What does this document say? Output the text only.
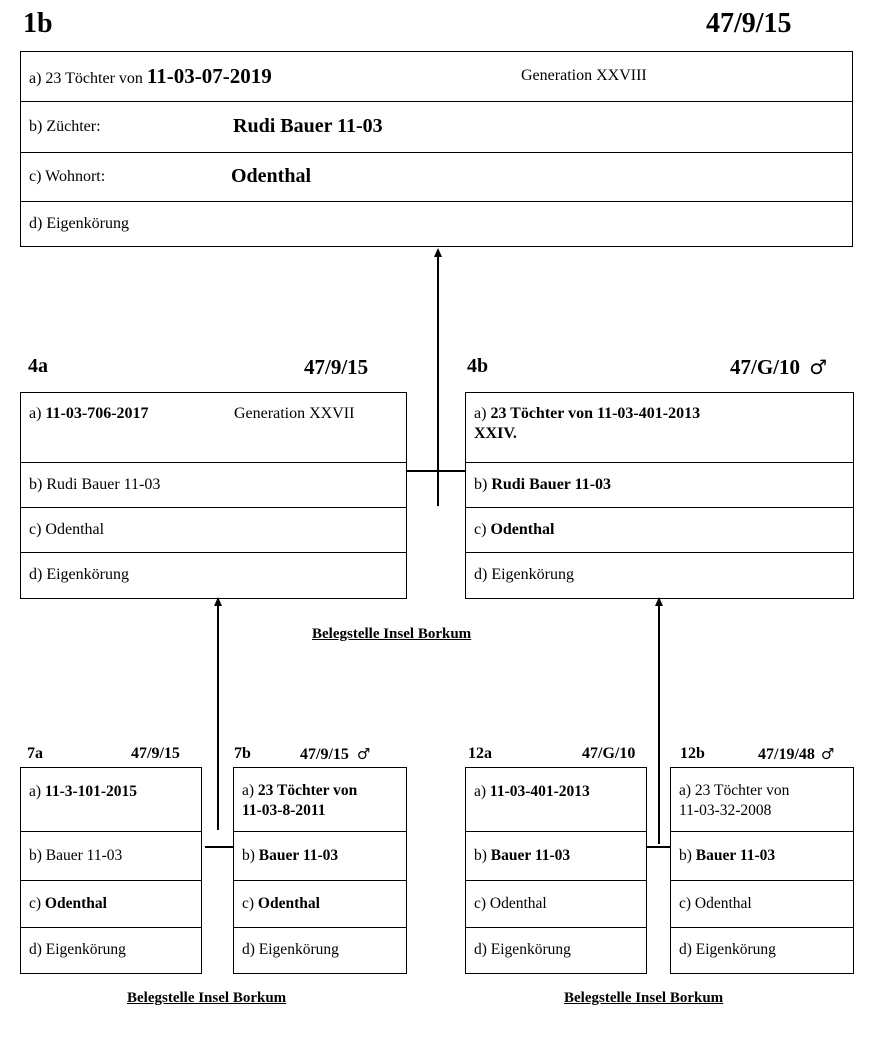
1b	47/9/15
a) 23 Töchter von 11-03-07-2019	Generation XXVIII
b) Züchter:	Rudi Bauer 11-03
c) Wohnort:	Odenthal
d) Eigenkörung
4a	47/9/15
a) 11-03-706-2017	Generation XXVII
b) Rudi Bauer 11-03
c) Odenthal
d) Eigenkörung
4b	47/G/10 ♂
a) 23 Töchter von 11-03-401-2013
XXIV.
b) Rudi Bauer 11-03
c) Odenthal
d) Eigenkörung
Belegstelle Insel Borkum
7a	47/9/15
a) 11-3-101-2015
b) Bauer 11-03
c) Odenthal
d) Eigenkörung
7b	47/9/15 ♂
a) 23 Töchter von
11-03-8-2011
b) Bauer 11-03
c) Odenthal
d) Eigenkörung
12a	47/G/10
a) 11-03-401-2013
b) Bauer 11-03
c) Odenthal
d) Eigenkörung
12b	47/19/48 ♂
a) 23 Töchter von
11-03-32-2008
b) Bauer 11-03
c) Odenthal
d) Eigenkörung
Belegstelle Insel Borkum	Belegstelle Insel Borkum
